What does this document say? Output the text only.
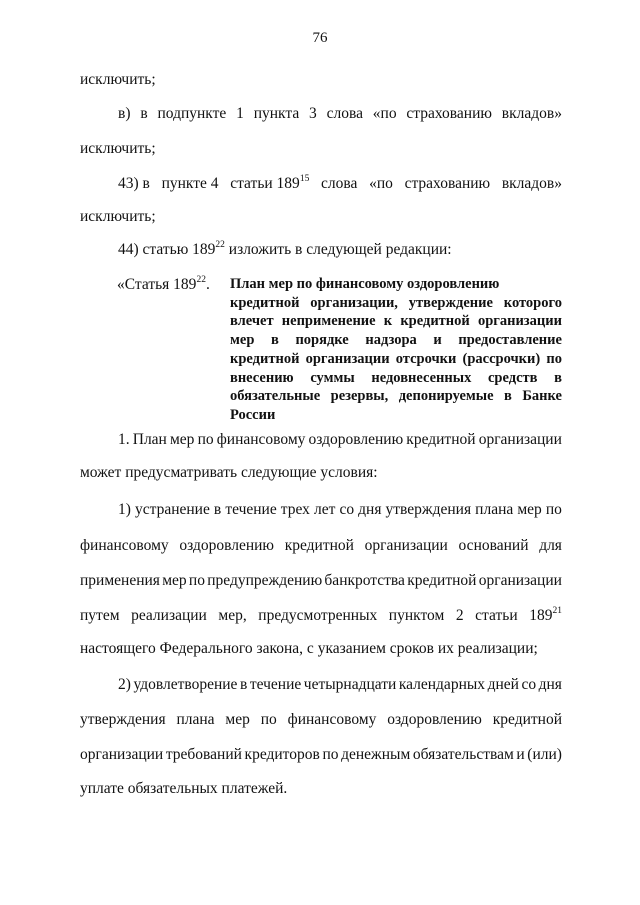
76
исключить;
в) в подпункте 1 пункта 3 слова «по страхованию вкладов»
исключить;
43) в пункте 4 статьи $189^{15}$ слова «по страхованию вкладов»
исключить;
44) статью $189^{22}$ изложить в следующей редакции:
«Статья $189^{22}$. План мер по финансовому оздоровлению
кредитной организации, утверждение которого
влечет неприменение к кредитной организации
мер в порядке надзора и предоставление
кредитной организации отсрочки (рассрочки) по
внесению суммы недовнесенных средств в
обязательные резервы, депонируемые в Банке
России
1. План мер по финансовому оздоровлению кредитной организации
может предусматривать следующие условия:
1) устранение в течение трех лет со дня утверждения плана мер по
финансовому оздоровлению кредитной организации оснований для
применения мер по предупреждению банкротства кредитной организации
путем реализации мер, предусмотренных пунктом 2 статьи $189^{21}$
настоящего Федерального закона, с указанием сроков их реализации;
2) удовлетворение в течение четырнадцати календарных дней со дня
утверждения плана мер по финансовому оздоровлению кредитной
организации требований кредиторов по денежным обязательствам и (или)
уплате обязательных платежей.
